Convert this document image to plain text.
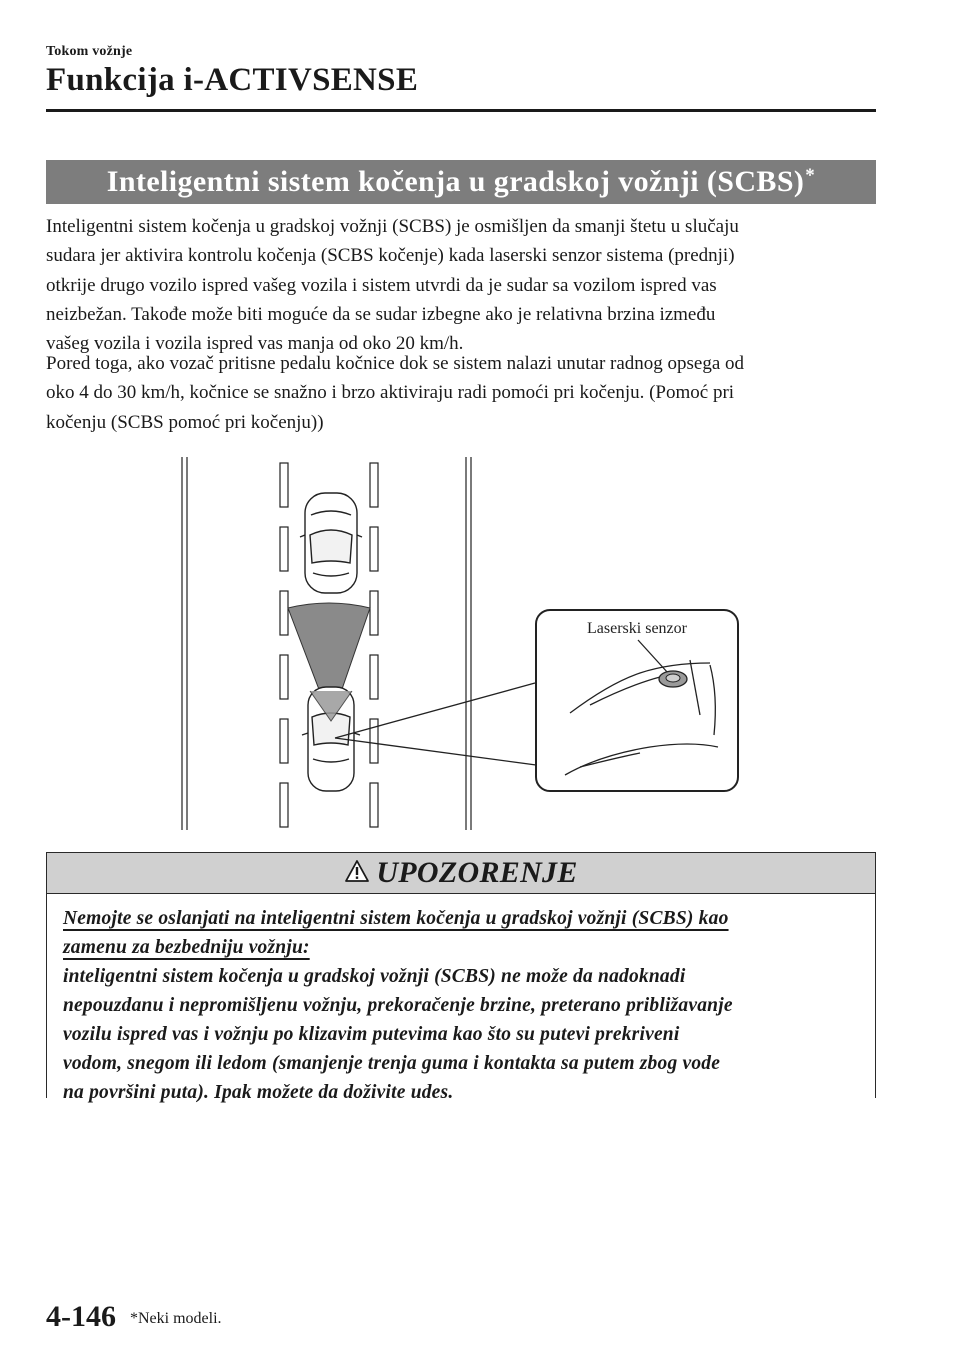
Tokom vožnje
Funkcija i-ACTIVSENSE
Inteligentni sistem kočenja u gradskoj vožnji (SCBS)*
Inteligentni sistem kočenja u gradskoj vožnji (SCBS) je osmišljen da smanji štetu u slučaju
sudara jer aktivira kontrolu kočenja (SCBS kočenje) kada laserski senzor sistema (prednji)
otkrije drugo vozilo ispred vašeg vozila i sistem utvrdi da je sudar sa vozilom ispred vas
neizbežan. Takođe može biti moguće da se sudar izbegne ako je relativna brzina između
vašeg vozila i vozila ispred vas manja od oko 20 km/h.
Pored toga, ako vozač pritisne pedalu kočnice dok se sistem nalazi unutar radnog opsega od
oko 4 do 30 km/h, kočnice se snažno i brzo aktiviraju radi pomoći pri kočenju. (Pomoć pri
kočenju (SCBS pomoć pri kočenju))
Laserski senzor
UPOZORENJE
Nemojte se oslanjati na inteligentni sistem kočenja u gradskoj vožnji (SCBS) kao
zamenu za bezbedniju vožnju:
inteligentni sistem kočenja u gradskoj vožnji (SCBS) ne može da nadoknadi
nepouzdanu i nepromišljenu vožnju, prekoračenje brzine, preterano približavanje
vozilu ispred vas i vožnju po klizavim putevima kao što su putevi prekriveni
vodom, snegom ili ledom (smanjenje trenja guma i kontakta sa putem zbog vode
na površini puta). Ipak možete da doživite udes.
4-146 *Neki modeli.
